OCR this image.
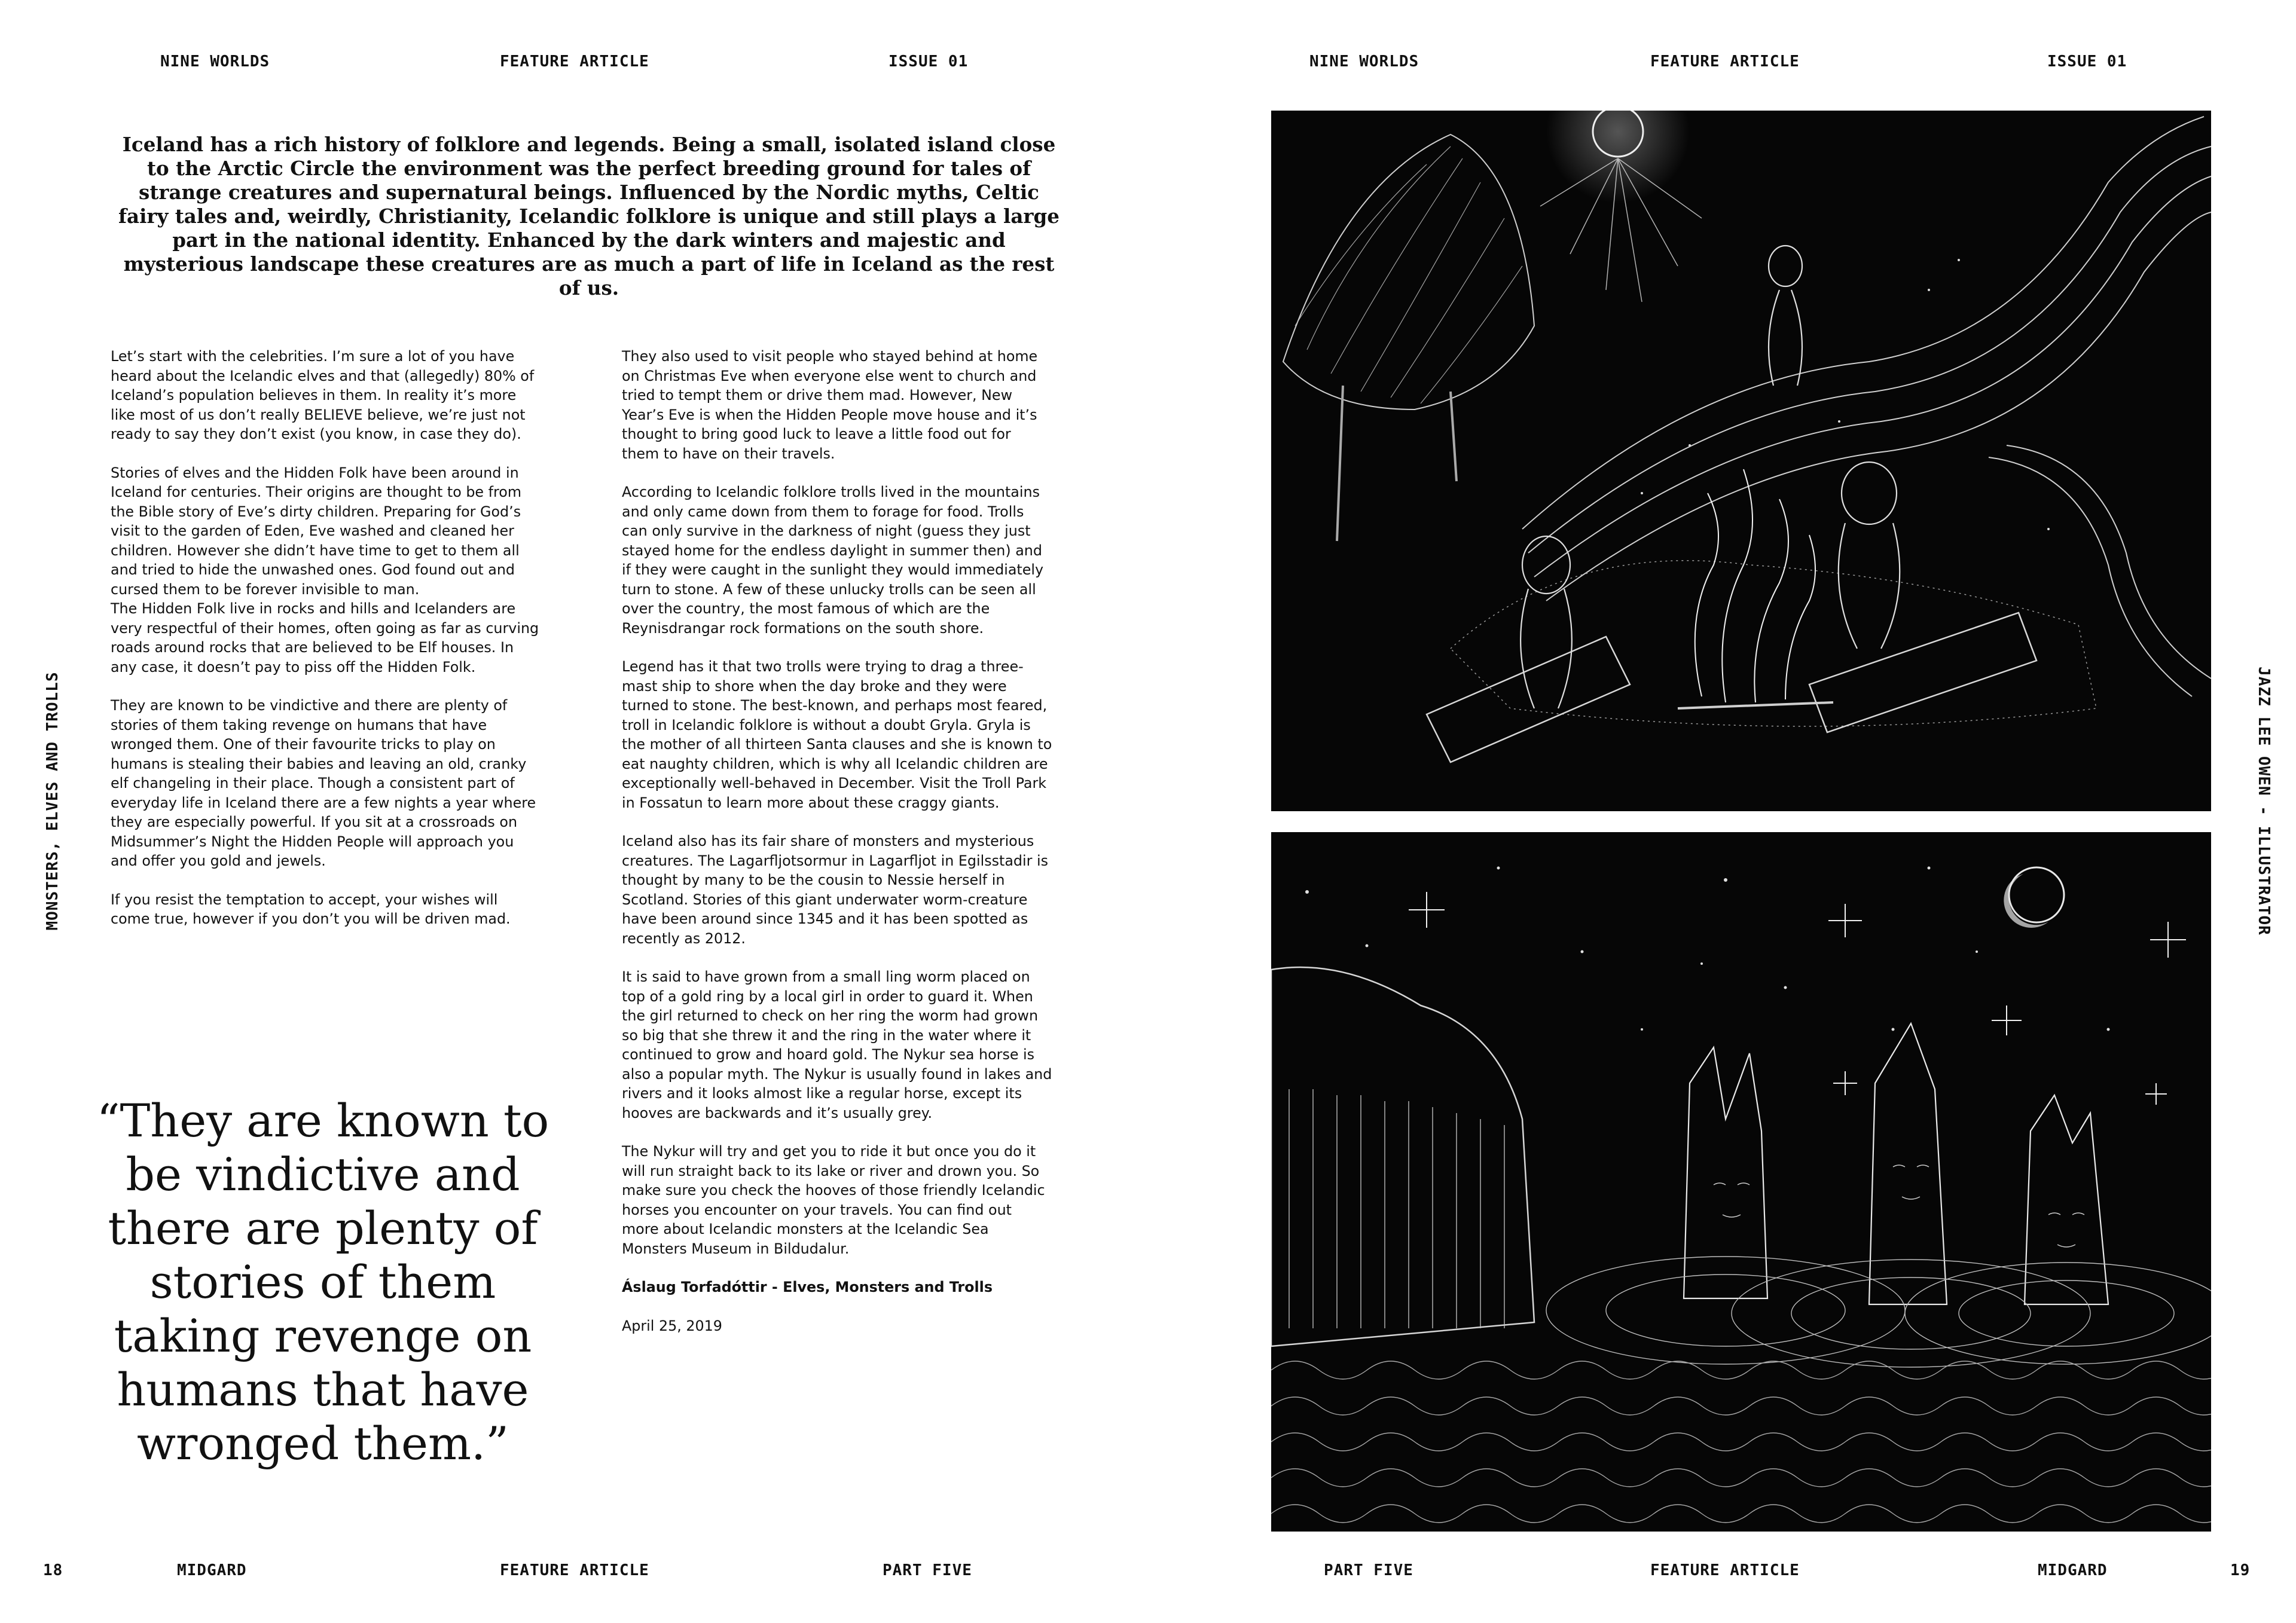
NINE WORLDS	FEATURE ARTICLE	ISSUE 01	NINE WORLDS	FEATURE ARTICLE	ISSUE 01
Iceland has a rich history of folklore and legends. Being a small, isolated island close to the Arctic Circle the environment was the perfect breeding ground for tales of strange creatures and supernatural beings. Influenced by the Nordic myths, Celtic fairy tales and, weirdly, Christianity, Icelandic folklore is unique and still plays a large part in the national identity. Enhanced by the dark winters and majestic and mysterious landscape these creatures are as much a part of life in Iceland as the rest of us.

Let’s start with the celebrities. I’m sure a lot of you have heard about the Icelandic elves and that (allegedly) 80% of Iceland’s population believes in them. In reality it’s more like most of us don’t really BELIEVE believe, we’re just not ready to say they don’t exist (you know, in case they do).

Stories of elves and the Hidden Folk have been around in Iceland for centuries. Their origins are thought to be from the Bible story of Eve’s dirty children. Preparing for God’s visit to the garden of Eden, Eve washed and cleaned her children. However she didn’t have time to get to them all and tried to hide the unwashed ones. God found out and cursed them to be forever invisible to man.

The Hidden Folk live in rocks and hills and Icelanders are very respectful of their homes, often going as far as curving roads around rocks that are believed to be Elf houses. In any case, it doesn’t pay to piss off the Hidden Folk.

They are known to be vindictive and there are plenty of stories of them taking revenge on humans that have wronged them. One of their favourite tricks to play on humans is stealing their babies and leaving an old, cranky elf changeling in their place. Though a consistent part of everyday life in Iceland there are a few nights a year where they are especially powerful. If you sit at a crossroads on Midsummer’s Night the Hidden People will approach you and offer you gold and jewels.

If you resist the temptation to accept, your wishes will come true, however if you don’t you will be driven mad.

“They are known to be vindictive and there are plenty of stories of them taking revenge on humans that have wronged them.”

They also used to visit people who stayed behind at home on Christmas Eve when everyone else went to church and tried to tempt them or drive them mad. However, New Year’s Eve is when the Hidden People move house and it’s thought to bring good luck to leave a little food out for them to have on their travels.

According to Icelandic folklore trolls lived in the mountains and only came down from them to forage for food. Trolls can only survive in the darkness of night (guess they just stayed home for the endless daylight in summer then) and if they were caught in the sunlight they would immediately turn to stone. A few of these unlucky trolls can be seen all over the country, the most famous of which are the Reynisdrangar rock formations on the south shore.

Legend has it that two trolls were trying to drag a three-mast ship to shore when the day broke and they were turned to stone. The best-known, and perhaps most feared, troll in Icelandic folklore is without a doubt Gryla. Gryla is the mother of all thirteen Santa clauses and she is known to eat naughty children, which is why all Icelandic children are exceptionally well-behaved in December. Visit the Troll Park in Fossatun to learn more about these craggy giants.

Iceland also has its fair share of monsters and mysterious creatures. The Lagarfljotsormur in Lagarfljot in Egilsstadir is thought by many to be the cousin to Nessie herself in Scotland. Stories of this giant underwater worm-creature have been around since 1345 and it has been spotted as recently as 2012.

It is said to have grown from a small ling worm placed on top of a gold ring by a local girl in order to guard it. When the girl returned to check on her ring the worm had grown so big that she threw it and the ring in the water where it continued to grow and hoard gold. The Nykur sea horse is also a popular myth. The Nykur is usually found in lakes and rivers and it looks almost like a regular horse, except its hooves are backwards and it’s usually grey.

The Nykur will try and get you to ride it but once you do it will run straight back to its lake or river and drown you. So make sure you check the hooves of those friendly Icelandic horses you encounter on your travels. You can find out more about Icelandic monsters at the Icelandic Sea Monsters Museum in Bildudalur.

Áslaug Torfadóttir - Elves, Monsters and Trolls

April 25, 2019

MONSTERS, ELVES AND TROLLS	JAZZ LEE OWEN - ILLUSTRATOR
18	MIDGARD	FEATURE ARTICLE	PART FIVE	PART FIVE	FEATURE ARTICLE	MIDGARD	19
